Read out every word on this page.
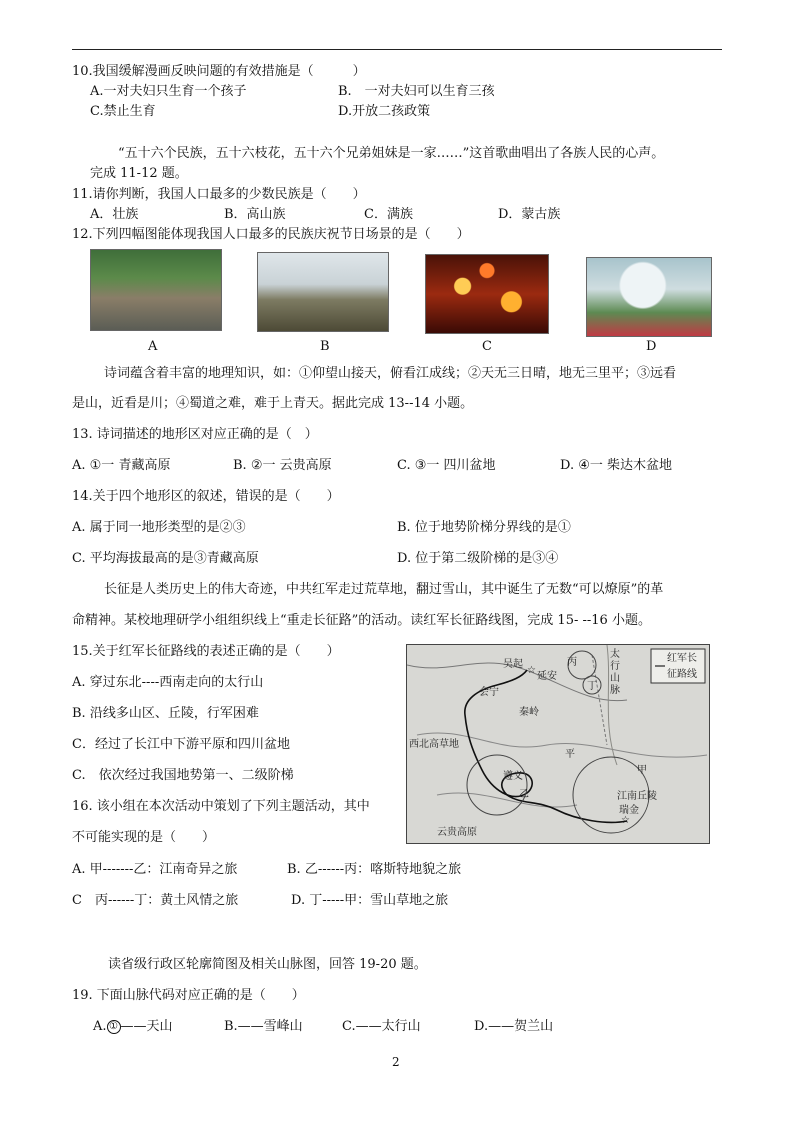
10.我国缓解漫画反映问题的有效措施是（　　　）
A.一对夫妇只生育一个孩子	B.　一对夫妇可以生育三孩
C.禁止生育	D.开放二孩政策
“五十六个民族，五十六枝花，五十六个兄弟姐妹是一家……”这首歌曲唱出了各族人民的心声。
完成 11-12 题。
11.请你判断，我国人口最多的少数民族是（　　）
A．壮族	B．高山族	C．满族	D．蒙古族
12.下列四幅图能体现我国人口最多的民族庆祝节日场景的是（　　）
A	B	C	D
诗词蕴含着丰富的地理知识，如：①仰望山接天，俯看江成线；②天无三日晴，地无三里平；③远看
是山，近看是川；④蜀道之难，难于上青天。据此完成 13--14 小题。
13. 诗词描述的地形区对应正确的是（　）
A. ①一 青藏高原	B. ②一 云贵高原	C. ③一 四川盆地	D. ④一 柴达木盆地
14.关于四个地形区的叙述，错误的是（　　）
A. 属于同一地形类型的是②③	B. 位于地势阶梯分界线的是①
C. 平均海拔最高的是③青藏高原	D. 位于第二级阶梯的是③④
长征是人类历史上的伟大奇迹，中共红军走过荒草地，翻过雪山，其中诞生了无数“可以燎原”的革
命精神。某校地理研学小组组织线上“重走长征路”的活动。读红军长征路线图，完成 15- --16 小题。
15.关于红军长征路线的表述正确的是（　　）
A. 穿过东北----西南走向的太行山
B. 沿线多山区、丘陵，行军困难
C．经过了长江中下游平原和四川盆地
C.　依次经过我国地势第一、二级阶梯
16. 该小组在本次活动中策划了下列主题活动，其中
不可能实现的是（　　）
A. 甲-------乙：江南奇异之旅	B. 乙------丙：喀斯特地貌之旅
C　丙------丁：黄土风情之旅	D. 丁-----甲：雪山草地之旅
红军长
征路线
太
行
山
脉
☆
☆
吴起
延安
会宁
秦岭
丙
丁
西北高草地
平
遵义
乙
甲
江南丘陵
瑞金
云贵高原
读省级行政区轮廓简图及相关山脉图，回答 19-20 题。
19. 下面山脉代码对应正确的是（　　）
A. ① ——天山	B.——雪峰山	C.——太行山	D.——贺兰山
2
